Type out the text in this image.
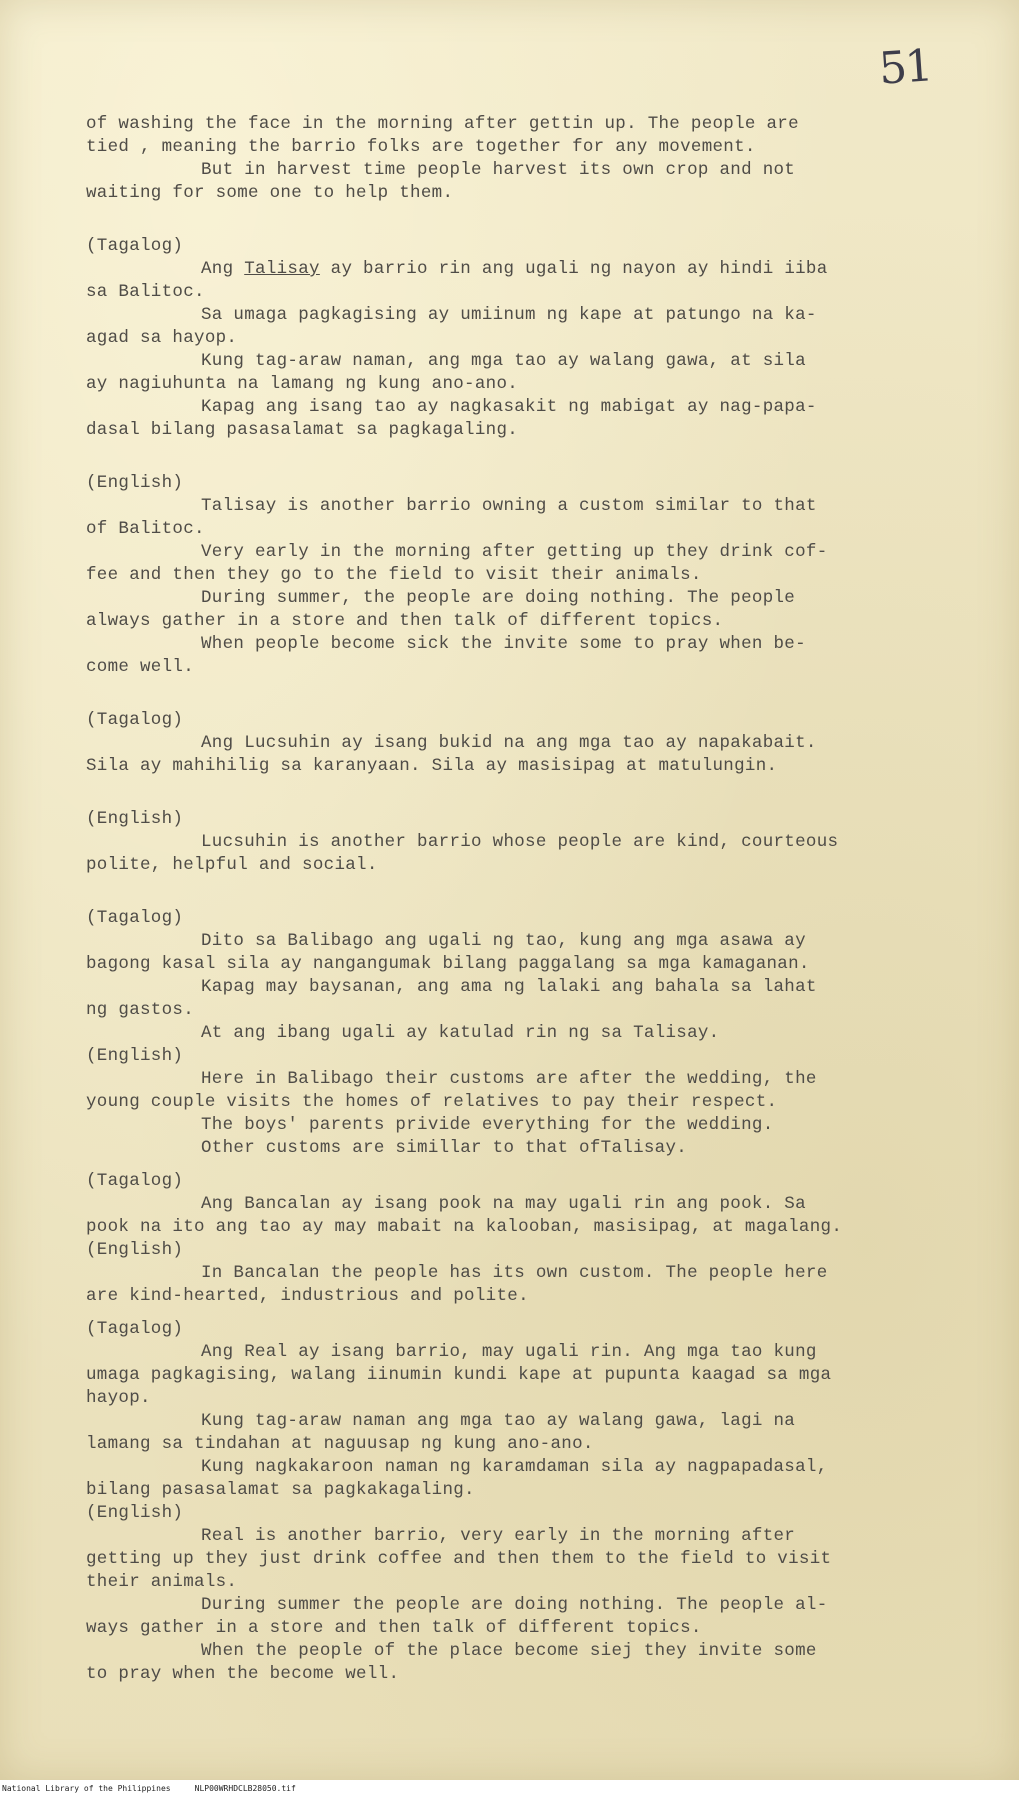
51
of washing the face in the morning after gettin up. The people are
tied , meaning the barrio folks are together for any movement.
But in harvest time people harvest its own crop and not
waiting for some one to help them.
(Tagalog)
Ang Talisay ay barrio rin ang ugali ng nayon ay hindi iiba
sa Balitoc.
Sa umaga pagkagising ay umiinum ng kape at patungo na ka-
agad sa hayop.
Kung tag-araw naman, ang mga tao ay walang gawa, at sila
ay nagiuhunta na lamang ng kung ano-ano.
Kapag ang isang tao ay nagkasakit ng mabigat ay nag-papa-
dasal bilang pasasalamat sa pagkagaling.
(English)
Talisay is another barrio owning a custom similar to that
of Balitoc.
Very early in the morning after getting up they drink cof-
fee and then they go to the field to visit their animals.
During summer, the people are doing nothing. The people
always gather in a store and then talk of different topics.
When people become sick the invite some to pray when be-
come well.
(Tagalog)
Ang Lucsuhin ay isang bukid na ang mga tao ay napakabait.
Sila ay mahihilig sa karanyaan. Sila ay masisipag at matulungin.
(English)
Lucsuhin is another barrio whose people are kind, courteous
polite, helpful and social.
(Tagalog)
Dito sa Balibago ang ugali ng tao, kung ang mga asawa ay
bagong kasal sila ay nangangumak bilang paggalang sa mga kamaganan.
Kapag may baysanan, ang ama ng lalaki ang bahala sa lahat
ng gastos.
At ang ibang ugali ay katulad rin ng sa Talisay.
(English)
Here in Balibago their customs are after the wedding, the
young couple visits the homes of relatives to pay their respect.
The boys' parents privide everything for the wedding.
Other customs are simillar to that ofTalisay.
(Tagalog)
Ang Bancalan ay isang pook na may ugali rin ang pook. Sa
pook na ito ang tao ay may mabait na kalooban, masisipag, at magalang.
(English)
In Bancalan the people has its own custom. The people here
are kind-hearted, industrious and polite.
(Tagalog)
Ang Real ay isang barrio, may ugali rin. Ang mga tao kung
umaga pagkagising, walang iinumin kundi kape at pupunta kaagad sa mga
hayop.
Kung tag-araw naman ang mga tao ay walang gawa, lagi na
lamang sa tindahan at naguusap ng kung ano-ano.
Kung nagkakaroon naman ng karamdaman sila ay nagpapadasal,
bilang pasasalamat sa pagkakagaling.
(English)
Real is another barrio, very early in the morning after
getting up they just drink coffee and then them to the field to visit
their animals.
During summer the people are doing nothing. The people al-
ways gather in a store and then talk of different topics.
When the people of the place become siej they invite some
to pray when the become well.
National Library of the Philippines     NLP00WRHDCLB28050.tif
